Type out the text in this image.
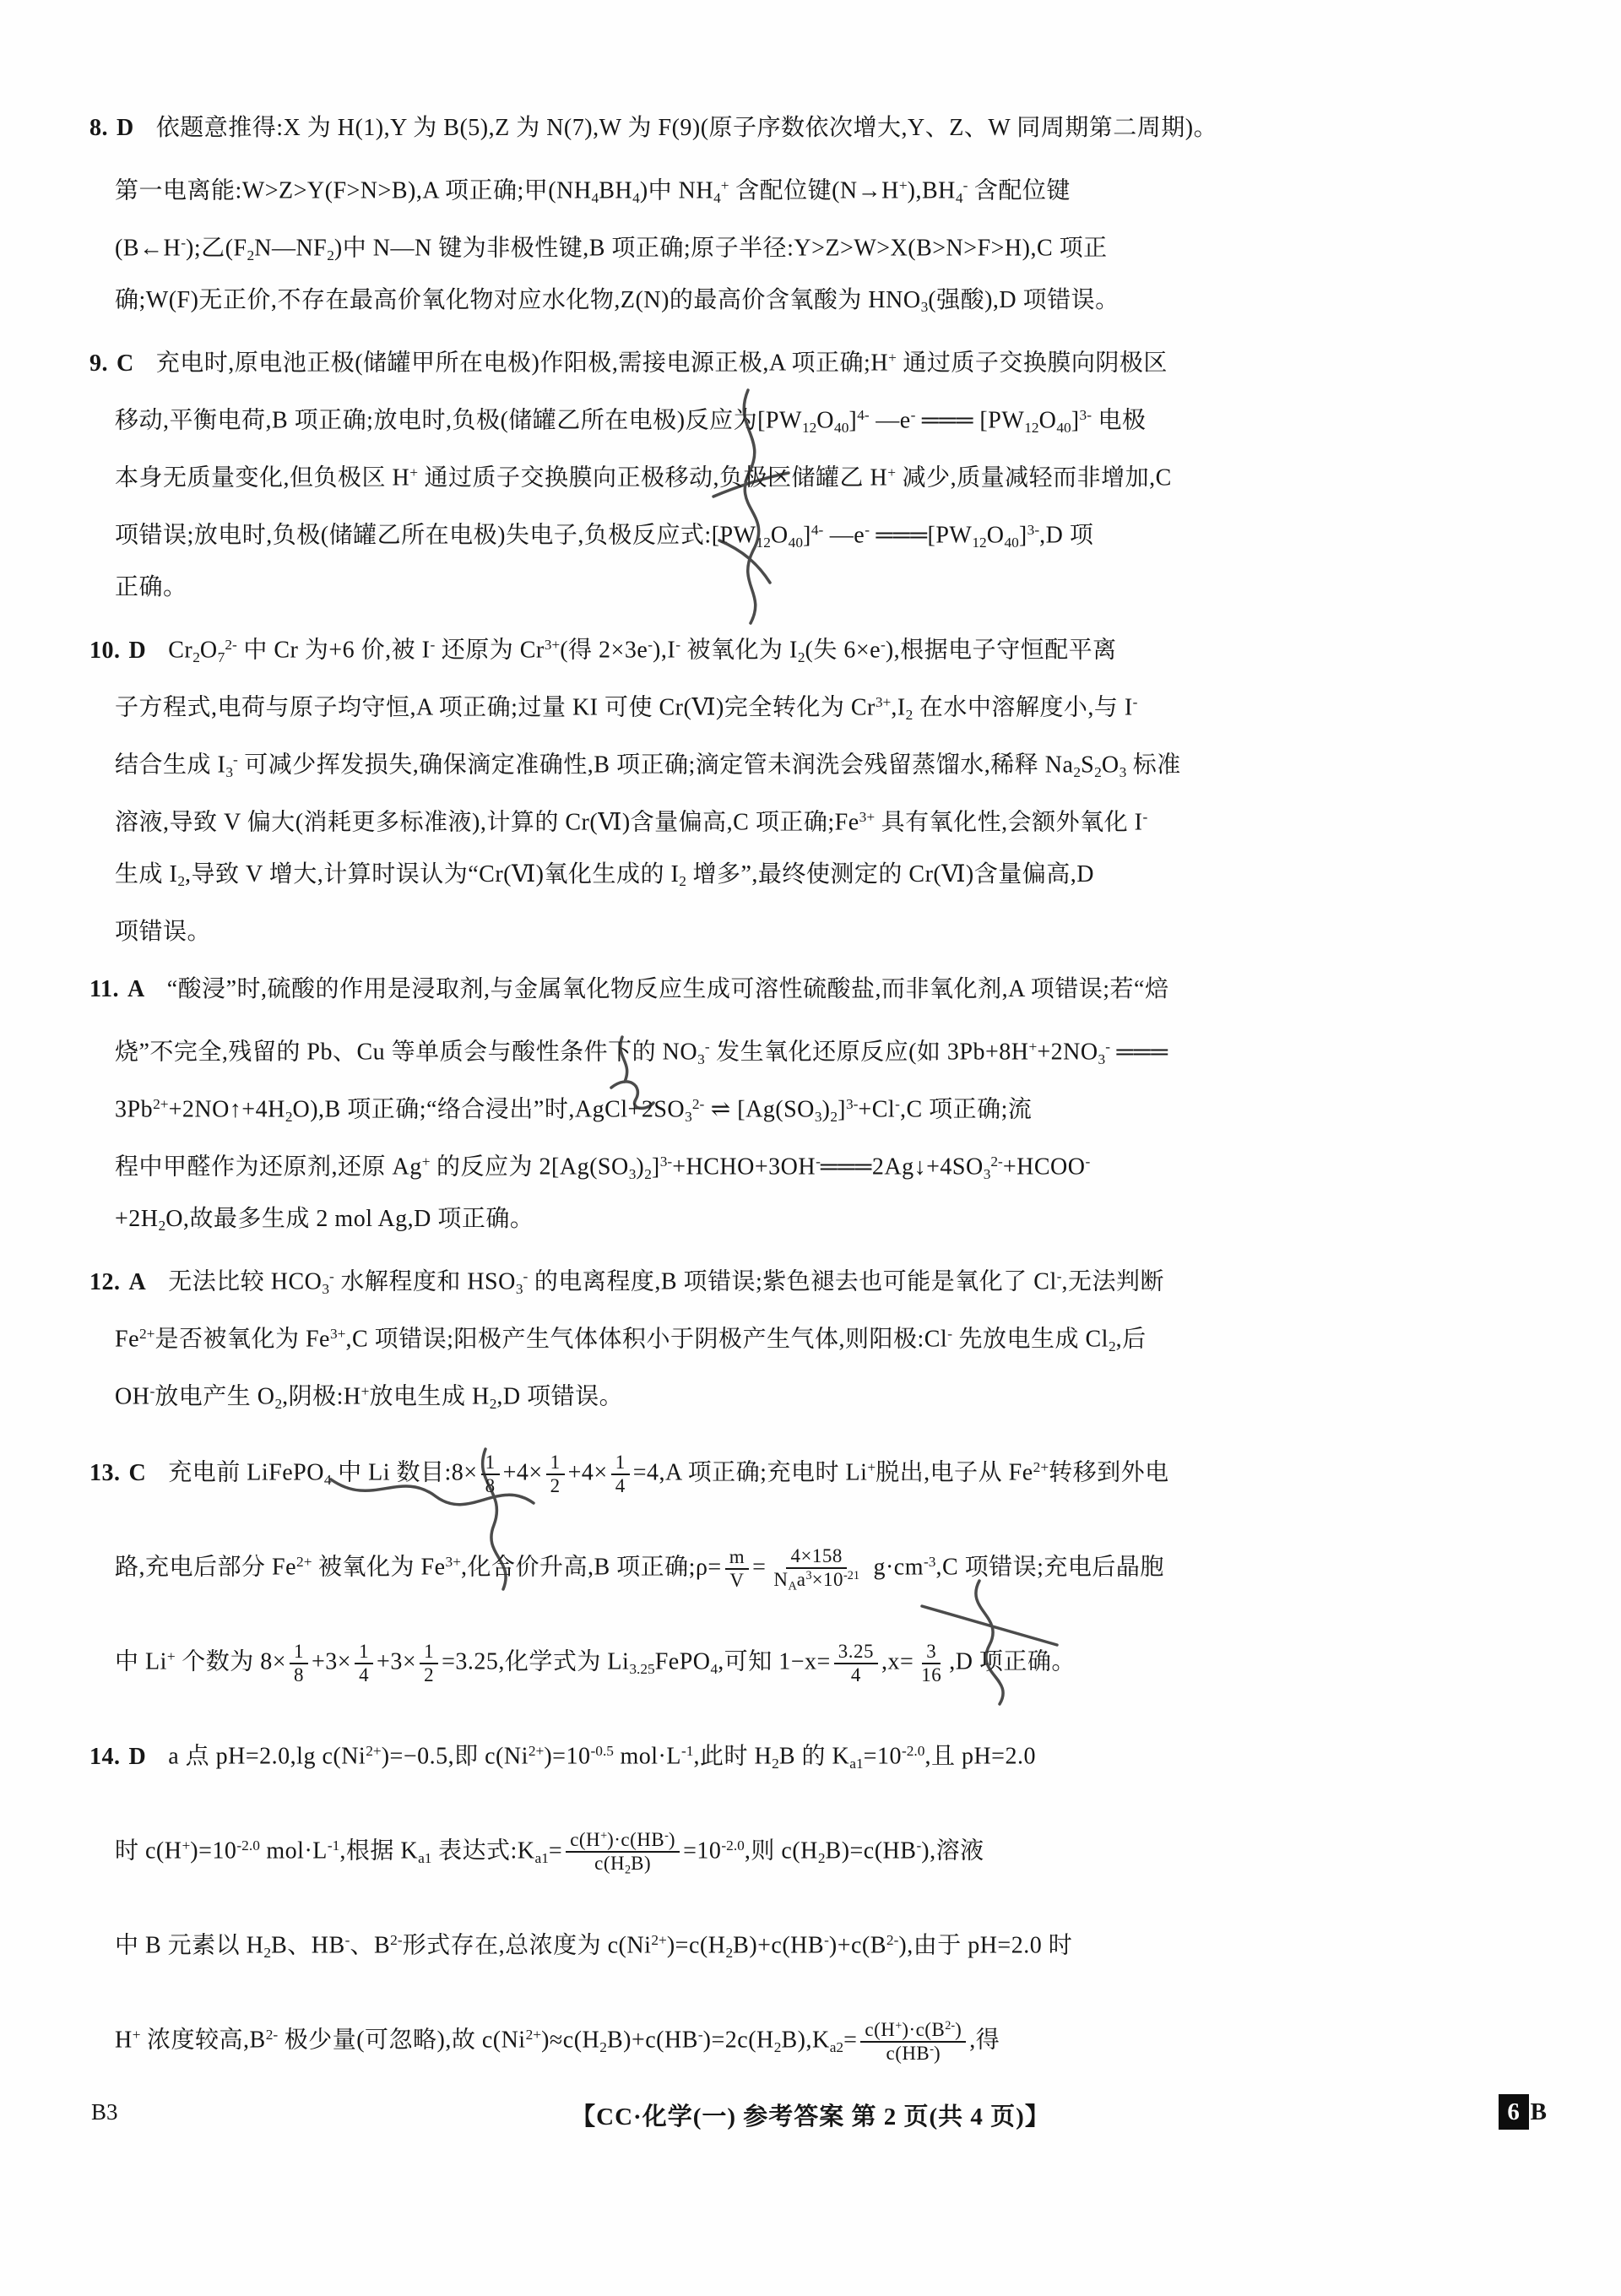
8. D 依题意推得:X 为 H(1),Y 为 B(5),Z 为 N(7),W 为 F(9)(原子序数依次增大,Y、Z、W 同周期第二周期)。
第一电离能:W>Z>Y(F>N>B),A 项正确;甲$(NH_4BH_4)$中 $NH_4^+$ 含配位键$(N\to H^+),BH_4^-$ 含配位键
(B←H-);乙$(F_2N—NF_2)$中 N—N 键为非极性键,B 项正确;原子半径:Y>Z>W>X(B>N>F>H),C 项正
确;W(F)无正价,不存在最高价氧化物对应水化物,Z(N)的最高价含氧酸为 $HNO_3$(强酸),D 项错误。
9. C 充电时,原电池正极(储罐甲所在电极)作阳极,需接电源正极,A 项正确;H+ 通过质子交换膜向阴极区
移动,平衡电荷,B 项正确;放电时,负极(储罐乙所在电极)反应为$[PW_{12}O_{40}]^{4-}$ —e- ═══ $[PW_{12}O_{40}]^{3-}$ 电极
本身无质量变化,但负极区 H+ 通过质子交换膜向正极移动,负极区储罐乙 H+ 减少,质量减轻而非增加,C
项错误;放电时,负极(储罐乙所在电极)失电子,负极反应式$:[PW_{12}O_{40}]^{4-}$ —e- $═══[PW_{12}O_{40}]^{3-},D$ 项
正确。
10. D $Cr_2O_7^{2-}$ 中 Cr 为+6 价,被 I- 还原为 $Cr^{3+}$(得 2×3e-),I- 被氧化为 $I_2$(失 6×e-),根据电子守恒配平离
子方程式,电荷与原子均守恒,A 项正确;过量 KI 可使 Cr(Ⅵ)完全转化为 $Cr^{3+},I_2$ 在水中溶解度小,与 I-
结合生成 $I_3^-$ 可减少挥发损失,确保滴定准确性,B 项正确;滴定管未润洗会残留蒸馏水,稀释 $Na_2S_2O_3$ 标准
溶液,导致 V 偏大(消耗更多标准液),计算的 Cr(Ⅵ)含量偏高,C 项正确$;Fe^{3+}$ 具有氧化性,会额外氧化 I-
生成 $I_2$,导致 V 增大,计算时误认为“Cr(Ⅵ)氧化生成的 $I_2$ 增多”,最终使测定的 Cr(Ⅵ)含量偏高,D
项错误。
11. A “酸浸”时,硫酸的作用是浸取剂,与金属氧化物反应生成可溶性硫酸盐,而非氧化剂,A 项错误;若“焙
烧”不完全,残留的 Pb、Cu 等单质会与酸性条件下的 $NO_3^-$ 发生氧化还原反应(如 $3Pb+8H^++2NO_3^-$ ═══
$3Pb^{2+}+2NO↑+4H_2O),B$ 项正确;“络合浸出”时$,AgCl+2SO_3^{2-}$ ⇌ $[Ag(SO_3)_2]^{3-}+Cl^-,C$ 项正确;流
程中甲醛作为还原剂,还原 Ag+ 的反应为 $2[Ag(SO_3)_2]^{3-}+HCHO+3OH^-═══2Ag↓+4SO_3^{2-}+HCOO^-$
$+2H_2O$,故最多生成 2 mol Ag,D 项正确。
12. A 无法比较 $HCO_3^-$ 水解程度和 $HSO_3^-$ 的电离程度,B 项错误;紫色褪去也可能是氧化了 Cl-,无法判断
$Fe^{2+}$是否被氧化为 $Fe^{3+},C$ 项错误;阳极产生气体体积小于阴极产生气体,则阳极:Cl- 先放电生成 $Cl_2$,后
OH-放电产生 $O_2$,阴极:H+放电生成 $H_2,D$ 项错误。
13. C 充电前 LiFePO$_4$ 中 Li 数目:8× $\frac{1}{8} +4\times \frac{1}{2} +4\times \frac{1}{4} =4,A$ 项正确;充电时 Li+脱出,电子从 $Fe^{2+}$转移到外电
路,充电后部分 $Fe^{2+}$ 被氧化为 $Fe^{3+}$,化合价升高,B 项正确;ρ= $\frac{m}{V} = \frac{4\times 158}{N_Aa^3\times 10^{-21}} g\cdot cm^{-3},C$ 项错误;充电后晶胞
中 Li+ 个数为 $8\times \frac{1}{8} +3\times \frac{1}{4} +3\times \frac{1}{2} =3.25$,化学式为 $Li_{3.25}FePO_4$,可知 $1-x= \frac{3.25}{4} ,x= \frac{3}{16} ,D$ 项正确。
14. D a 点 pH=2.0,lg $c(Ni^{2+})=-0.5$,即 $c(Ni^{2+})=10^{-0.5}$ $mol\cdot L^{-1}$,此时 $H_2B$ 的 $K_{a1}=10^{-2.0}$,且 pH=2.0
时 $c(H^+)=10^{-2.0}$ $mol\cdot L^{-1}$,根据 $K_{a1}$ 表达式$:K_{a1}= \frac{c(H^+)\cdot c(HB^-)}{c(H_2B)} =10^{-2.0}$,则 $c(H_2B)=c(HB^-)$,溶液
中 B 元素以 $H_2B$、HB-、$B^{2-}$形式存在,总浓度为 $c(Ni^{2+})=c(H_2B)+c(HB^-)+c(B^{2-})$,由于 pH=2.0 时
H+ 浓度较高$,B^{2-}$ 极少量(可忽略),故 $c(Ni^{2+})\approx c(H_2B)+c(HB^-)=2c(H_2B),K_{a2}= \frac{c(H^+)\cdot c(B^{2-})}{c(HB^-)}$ ,得
B3	【CC·化学(一) 参考答案 第 2 页(共 4 页)】	6 B
